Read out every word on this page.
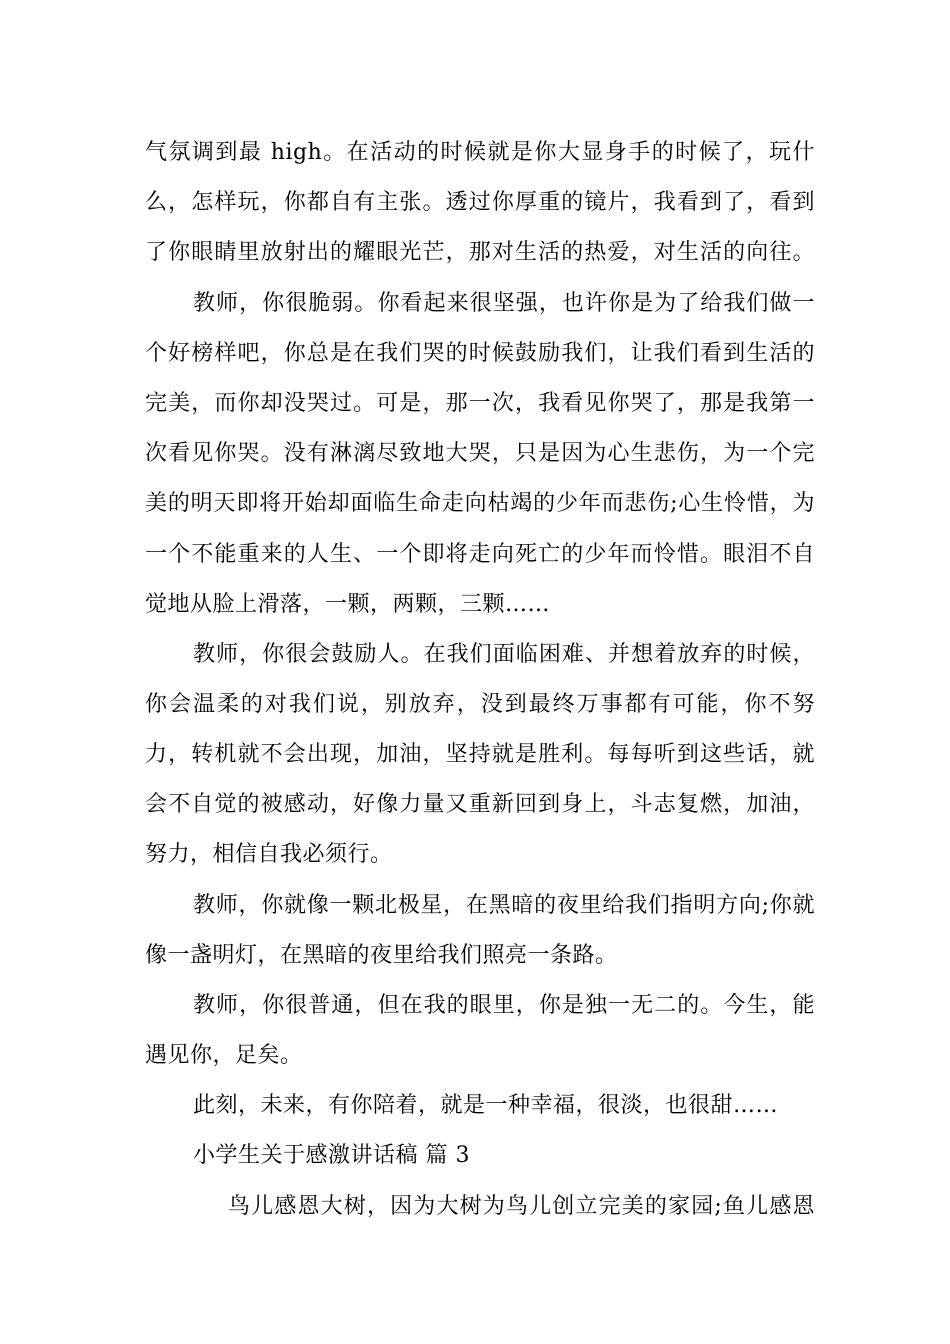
气氛调到最 high。在活动的时候就是你大显身手的时候了，玩什
么，怎样玩，你都自有主张。透过你厚重的镜片，我看到了，看到
了你眼睛里放射出的耀眼光芒，那对生活的热爱，对生活的向往。
教师，你很脆弱。你看起来很坚强，也许你是为了给我们做一
个好榜样吧，你总是在我们哭的时候鼓励我们，让我们看到生活的
完美，而你却没哭过。可是，那一次，我看见你哭了，那是我第一
次看见你哭。没有淋漓尽致地大哭，只是因为心生悲伤，为一个完
美的明天即将开始却面临生命走向枯竭的少年而悲伤;心生怜惜，为
一个不能重来的人生、一个即将走向死亡的少年而怜惜。眼泪不自
觉地从脸上滑落，一颗，两颗，三颗……
教师，你很会鼓励人。在我们面临困难、并想着放弃的时候，
你会温柔的对我们说，别放弃，没到最终万事都有可能，你不努
力，转机就不会出现，加油，坚持就是胜利。每每听到这些话，就
会不自觉的被感动，好像力量又重新回到身上，斗志复燃，加油，
努力，相信自我必须行。
教师，你就像一颗北极星，在黑暗的夜里给我们指明方向;你就
像一盏明灯，在黑暗的夜里给我们照亮一条路。
教师，你很普通，但在我的眼里，你是独一无二的。今生，能
遇见你，足矣。
此刻，未来，有你陪着，就是一种幸福，很淡，也很甜……
小学生关于感激讲话稿 篇 3
鸟儿感恩大树，因为大树为鸟儿创立完美的家园;鱼儿感恩
